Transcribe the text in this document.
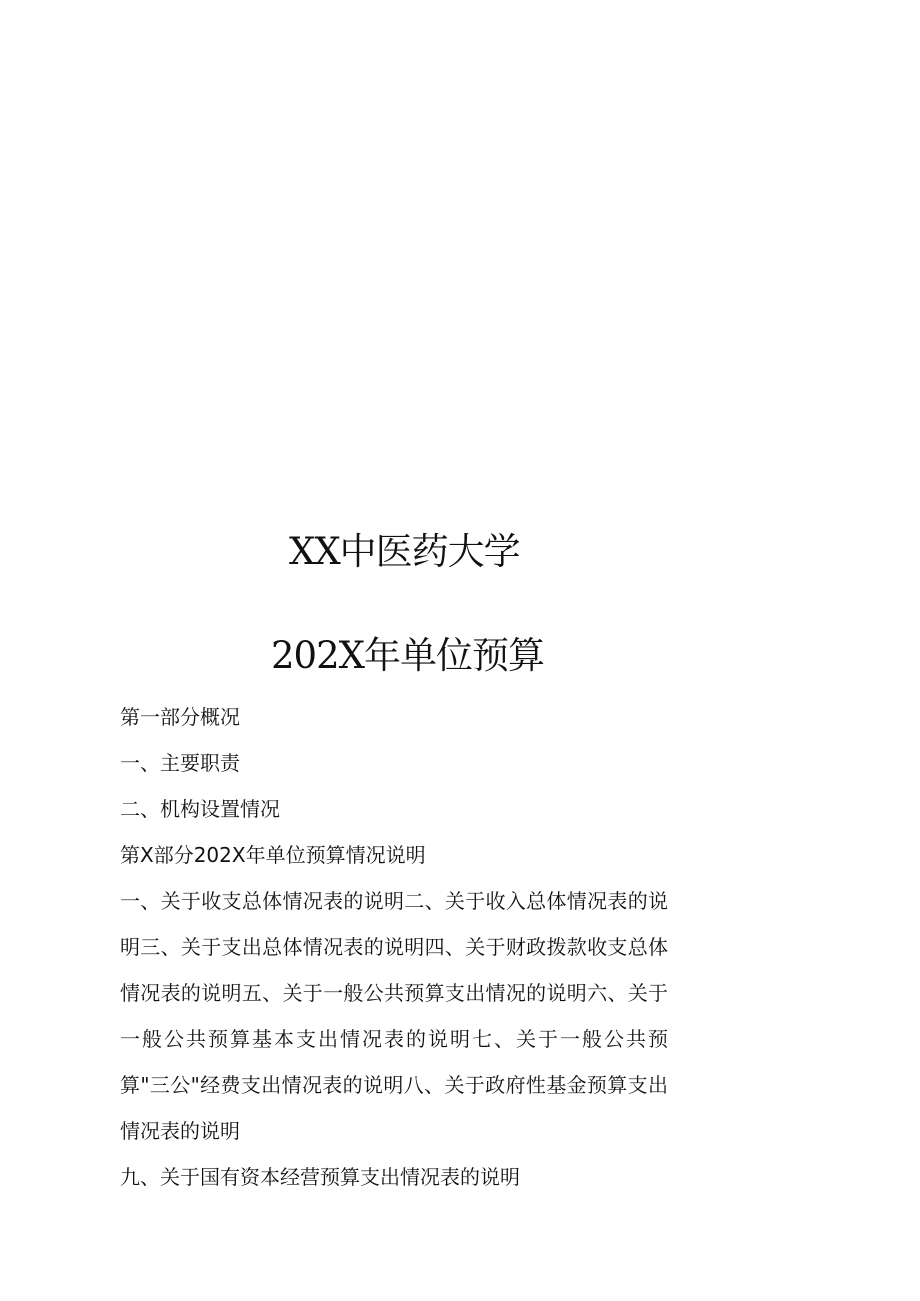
XX中医药大学
202X年单位预算

第一部分概况

一、主要职责

二、机构设置情况

第X部分202X年单位预算情况说明

一、关于收支总体情况表的说明二、关于收入总体情况表的说明三、关于支出总体情况表的说明四、关于财政拨款收支总体情况表的说明五、关于一般公共预算支出情况的说明六、关于一般公共预算基本支出情况表的说明七、关于一般公共预算"三公"经费支出情况表的说明八、关于政府性基金预算支出情况表的说明

九、关于国有资本经营预算支出情况表的说明
